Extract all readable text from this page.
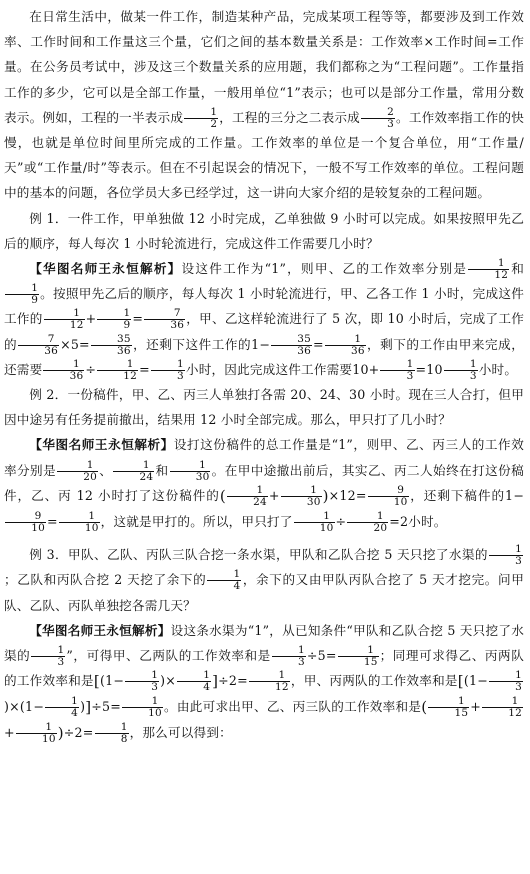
在日常生活中，做某一件工作，制造某种产品，完成某项工程等等，都要涉及到工作效率、工作时间和工作量这三个量，它们之间的基本数量关系是：工作效率×工作时间=工作量。在公务员考试中，涉及这三个数量关系的应用题，我们都称之为“工程问题”。工作量指工作的多少，它可以是全部工作量，一般用单位“1”表示；也可以是部分工作量，常用分数表示。例如，工程的一半表示成 $\frac{1}{2}$ ，工程的三分之二表示成 $\frac{2}{3}$ 。工作效率指工作的快慢，也就是单位时间里所完成的工作量。工作效率的单位是一个复合单位，用“工作量/天”或“工作量/时”等表示。但在不引起误会的情况下，一般不写工作效率的单位。工程问题中的基本的问题，各位学员大多已经学过，这一讲向大家介绍的是较复杂的工程问题。

例 1．一件工作，甲单独做 12 小时完成，乙单独做 9 小时可以完成。如果按照甲先乙后的顺序，每人每次 1 小时轮流进行，完成这件工作需要几小时？

【华图名师王永恒解析】设这件工作为“1”，则甲、乙的工作效率分别是 $\frac{1}{12}$ 和
$\frac{1}{9}$ 。按照甲先乙后的顺序，每人每次 1 小时轮流进行，甲、乙各工作 1 小时，完成这件工作的 $\frac{1}{12} + \frac{1}{9} = \frac{7}{36}$ ，甲、乙这样轮流进行了 5 次，即 10 小时后，完成了工作的 $\frac{7}{36} \times 5= \frac{35}{36}$ ，还剩下这件工作的$1- \frac{35}{36} = \frac{1}{36}$ ，剩下的工作由甲来完成，还需要 $\frac{1}{36} \div \frac{1}{12} = \frac{1}{3}$ 小时，因此完成这件工作需要$10+ \frac{1}{3} =10 \frac{1}{3}$ 小时。

例 2．一份稿件，甲、乙、丙三人单独打各需 20、24、30 小时。现在三人合打，但甲因中途另有任务提前撤出，结果用 12 小时全部完成。那么，甲只打了几小时？

【华图名师王永恒解析】设打这份稿件的总工作量是“1”，则甲、乙、丙三人的工作效率分别是 $\frac{1}{20}$ 、 $\frac{1}{24}$ 和 $\frac{1}{30}$ 。在甲中途撤出前后，其实乙、丙二人始终在打这份稿件，乙、丙 12 小时打了这份稿件的( $\frac{1}{24} + \frac{1}{30} )\times 12= \frac{9}{10}$ ，还剩下稿件的1−
$\frac{9}{10} = \frac{1}{10}$ ，这就是甲打的。所以，甲只打了 $\frac{1}{10} \div \frac{1}{20} =2$小时。

例 3．甲队、乙队、丙队三队合挖一条水渠，甲队和乙队合挖 5 天只挖了水渠的 $\frac{1}{3}$
；乙队和丙队合挖 2 天挖了余下的 $\frac{1}{4}$ ，余下的又由甲队丙队合挖了 5 天才挖完。问甲队、乙队、丙队单独挖各需几天？

【华图名师王永恒解析】设这条水渠为“1”，从已知条件“甲队和乙队合挖 5 天只挖了水渠的 $\frac{1}{3}$ ”，可得甲、乙两队的工作效率和是 $\frac{1}{3} \div 5= \frac{1}{15}$ ；同理可求得乙、丙两队的工作效率和是[($1- \frac{1}{3}$ )× $\frac{1}{4} ]\div 2= \frac{1}{12}$ ，甲、丙两队的工作效率和是[($1- \frac{1}{3}$
)$\times(1- \frac{1}{4} )]\div 5= \frac{1}{10}$ 。由此可求出甲、乙、丙三队的工作效率和是( $\frac{1}{15} + \frac{1}{12}$
+ $\frac{1}{10} )\div 2= \frac{1}{8}$ ，那么可以得到：
